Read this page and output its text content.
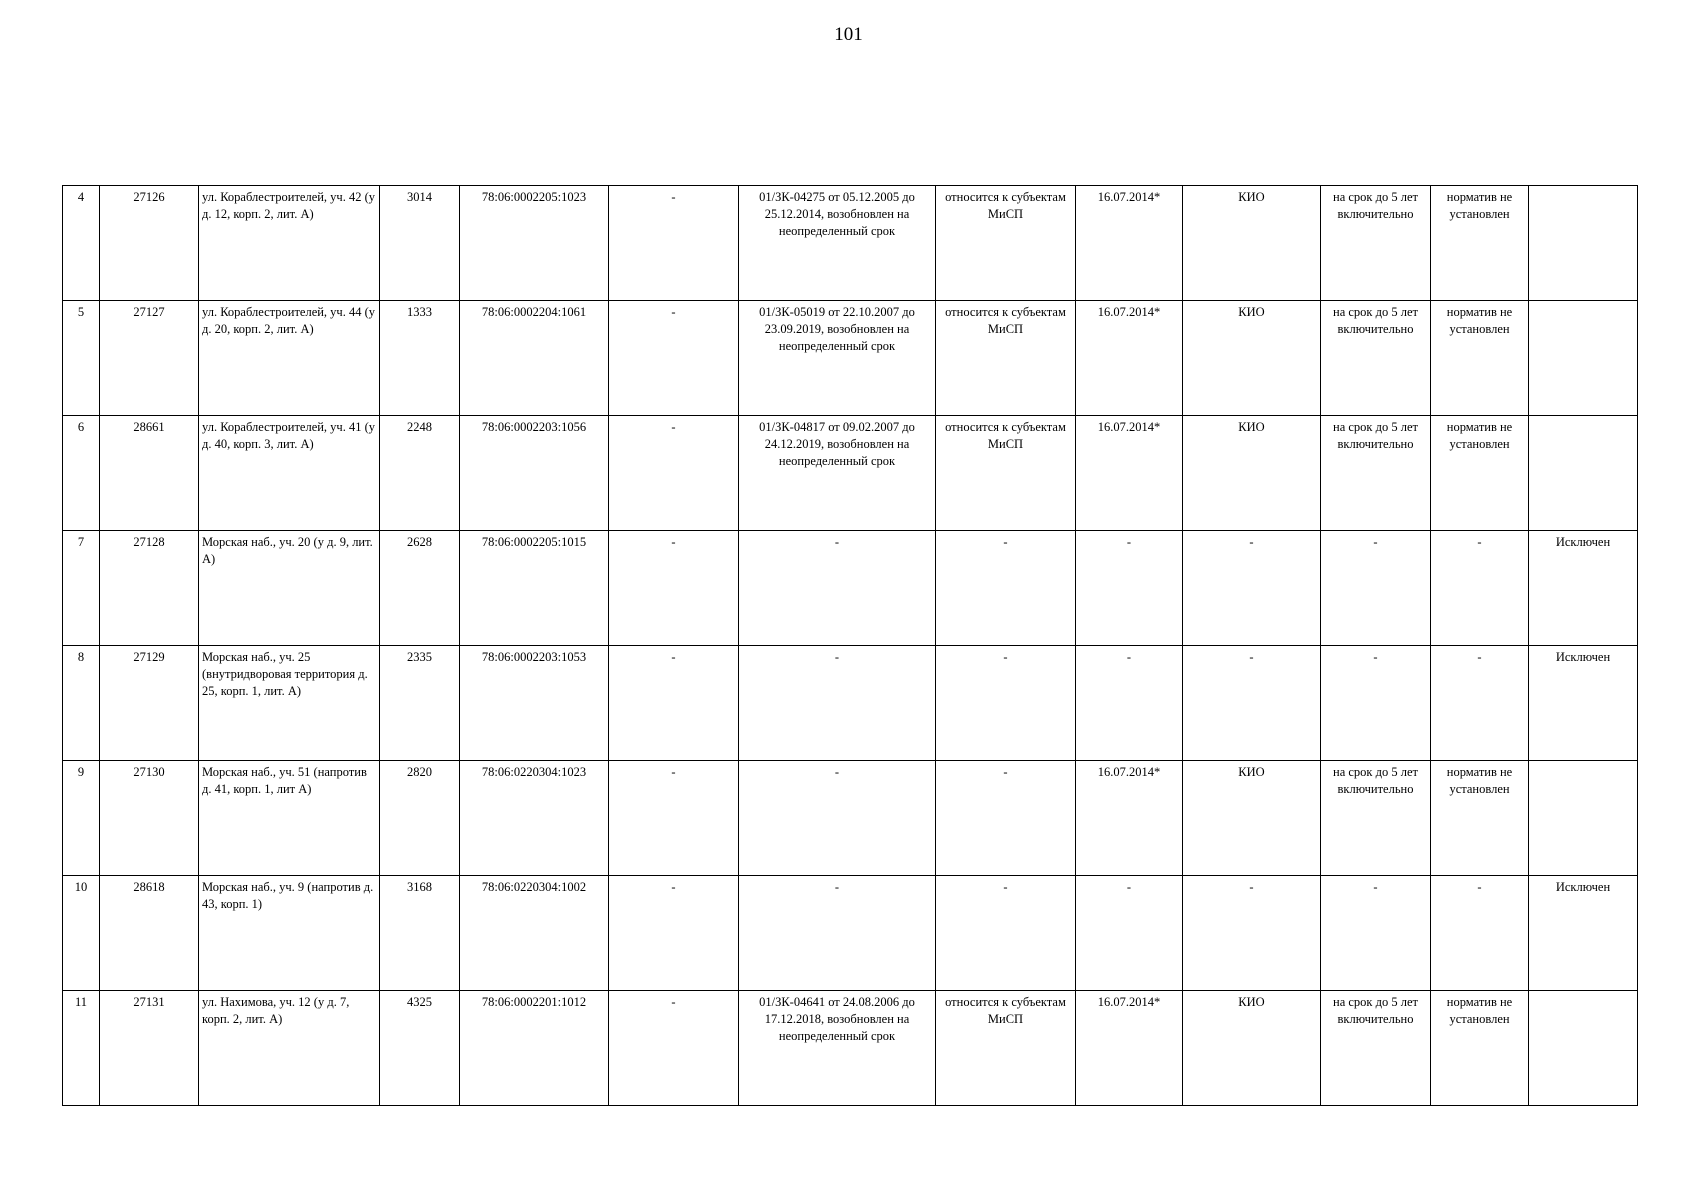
101
4	27126	ул. Кораблестроителей, уч. 42 (у д. 12, корп. 2, лит. А)	3014	78:06:0002205:1023	-	01/ЗК-04275 от 05.12.2005 до 25.12.2014, возобновлен на неопределенный срок	относится к субъектам МиСП	16.07.2014*	КИО	на срок до 5 лет включительно	норматив не установлен	
5	27127	ул. Кораблестроителей, уч. 44 (у д. 20, корп. 2, лит. А)	1333	78:06:0002204:1061	-	01/ЗК-05019 от 22.10.2007 до 23.09.2019, возобновлен на неопределенный срок	относится к субъектам МиСП	16.07.2014*	КИО	на срок до 5 лет включительно	норматив не установлен	
6	28661	ул. Кораблестроителей, уч. 41 (у д. 40, корп. 3, лит. А)	2248	78:06:0002203:1056	-	01/ЗК-04817 от 09.02.2007 до 24.12.2019, возобновлен на неопределенный срок	относится к субъектам МиСП	16.07.2014*	КИО	на срок до 5 лет включительно	норматив не установлен	
7	27128	Морская наб., уч. 20 (у д. 9, лит. А)	2628	78:06:0002205:1015	-	-	-	-	-	-	-	Исключен
8	27129	Морская наб., уч. 25 (внутридворовая территория д. 25, корп. 1, лит. А)	2335	78:06:0002203:1053	-	-	-	-	-	-	-	Исключен
9	27130	Морская наб., уч. 51 (напротив д. 41, корп. 1, лит А)	2820	78:06:0220304:1023	-	-	-	16.07.2014*	КИО	на срок до 5 лет включительно	норматив не установлен	
10	28618	Морская наб., уч. 9 (напротив д. 43, корп. 1)	3168	78:06:0220304:1002	-	-	-	-	-	-	-	Исключен
11	27131	ул. Нахимова, уч. 12 (у д. 7, корп. 2, лит. А)	4325	78:06:0002201:1012	-	01/ЗК-04641 от 24.08.2006 до 17.12.2018, возобновлен на неопределенный срок	относится к субъектам МиСП	16.07.2014*	КИО	на срок до 5 лет включительно	норматив не установлен	
